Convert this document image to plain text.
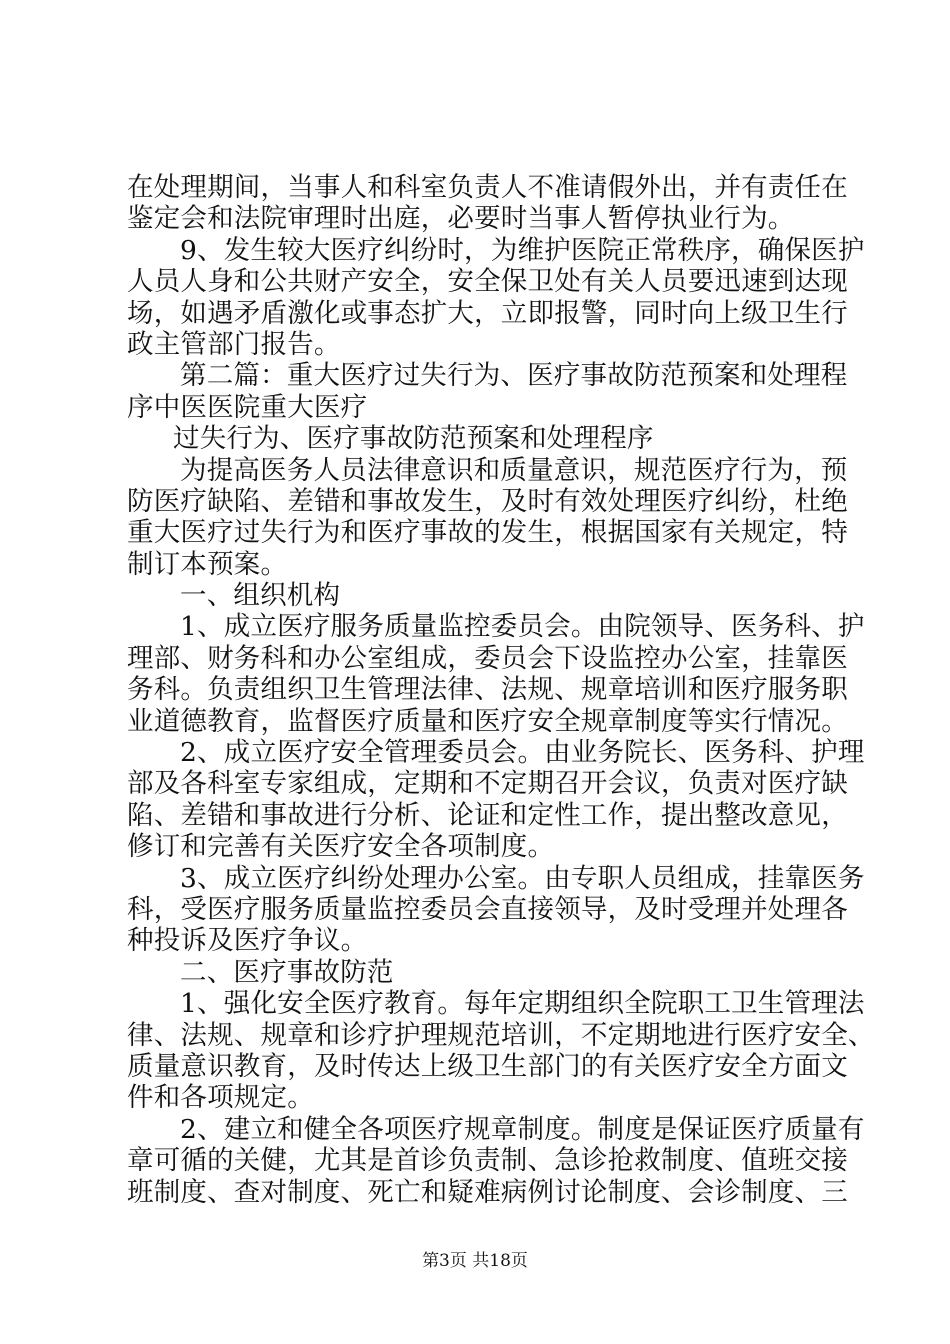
在处理期间，当事人和科室负责人不准请假外出，并有责任在
鉴定会和法院审理时出庭，必要时当事人暂停执业行为。
9、发生较大医疗纠纷时，为维护医院正常秩序，确保医护
人员人身和公共财产安全，安全保卫处有关人员要迅速到达现
场，如遇矛盾激化或事态扩大，立即报警，同时向上级卫生行
政主管部门报告。
第二篇：重大医疗过失行为、医疗事故防范预案和处理程
序中医医院重大医疗
过失行为、医疗事故防范预案和处理程序
为提高医务人员法律意识和质量意识，规范医疗行为，预
防医疗缺陷、差错和事故发生，及时有效处理医疗纠纷，杜绝
重大医疗过失行为和医疗事故的发生，根据国家有关规定，特
制订本预案。
一、组织机构
1、成立医疗服务质量监控委员会。由院领导、医务科、护
理部、财务科和办公室组成，委员会下设监控办公室，挂靠医
务科。负责组织卫生管理法律、法规、规章培训和医疗服务职
业道德教育，监督医疗质量和医疗安全规章制度等实行情况。
2、成立医疗安全管理委员会。由业务院长、医务科、护理
部及各科室专家组成，定期和不定期召开会议，负责对医疗缺
陷、差错和事故进行分析、论证和定性工作，提出整改意见，
修订和完善有关医疗安全各项制度。
3、成立医疗纠纷处理办公室。由专职人员组成，挂靠医务
科，受医疗服务质量监控委员会直接领导，及时受理并处理各
种投诉及医疗争议。
二、医疗事故防范
1、强化安全医疗教育。每年定期组织全院职工卫生管理法
律、法规、规章和诊疗护理规范培训，不定期地进行医疗安全、
质量意识教育，及时传达上级卫生部门的有关医疗安全方面文
件和各项规定。
2、建立和健全各项医疗规章制度。制度是保证医疗质量有
章可循的关健，尤其是首诊负责制、急诊抢救制度、值班交接
班制度、查对制度、死亡和疑难病例讨论制度、会诊制度、三
第3页 共18页
